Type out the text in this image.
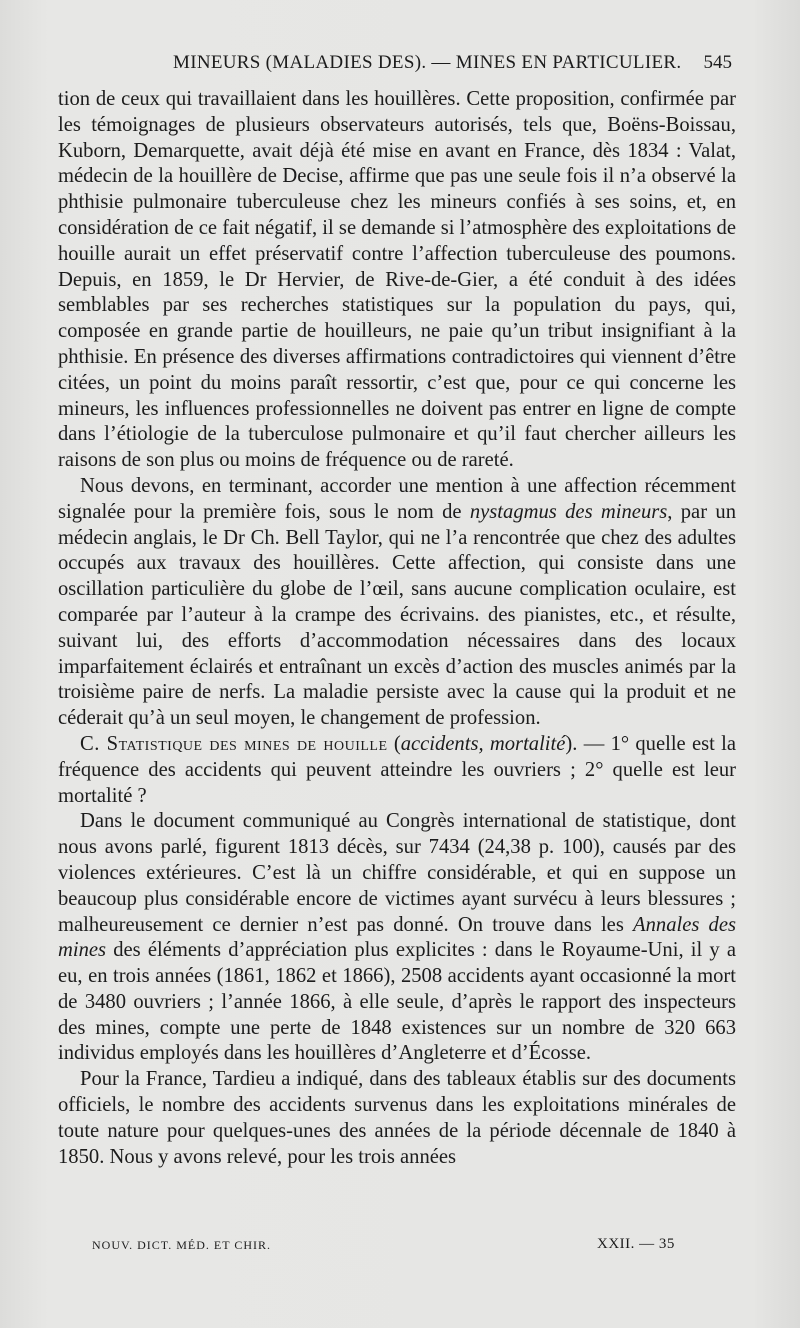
MINEURS (MALADIES DES). — MINES EN PARTICULIER. 545

tion de ceux qui travaillaient dans les houillères. Cette proposition, confirmée par les témoignages de plusieurs observateurs autorisés, tels que, Boëns-Boissau, Kuborn, Demarquette, avait déjà été mise en avant en France, dès 1834 : Valat, médecin de la houillère de Decise, affirme que pas une seule fois il n’a observé la phthisie pulmonaire tuberculeuse chez les mineurs confiés à ses soins, et, en considération de ce fait négatif, il se demande si l’atmosphère des exploitations de houille aurait un effet préservatif contre l’affection tuberculeuse des poumons. Depuis, en 1859, le Dr Hervier, de Rive-de-Gier, a été conduit à des idées semblables par ses recherches statistiques sur la population du pays, qui, composée en grande partie de houilleurs, ne paie qu’un tribut insignifiant à la phthisie. En présence des diverses affirmations contradictoires qui viennent d’être citées, un point du moins paraît ressortir, c’est que, pour ce qui concerne les mineurs, les influences professionnelles ne doivent pas entrer en ligne de compte dans l’étiologie de la tuberculose pulmonaire et qu’il faut chercher ailleurs les raisons de son plus ou moins de fréquence ou de rareté.

Nous devons, en terminant, accorder une mention à une affection récemment signalée pour la première fois, sous le nom de nystagmus des mineurs, par un médecin anglais, le Dr Ch. Bell Taylor, qui ne l’a rencontrée que chez des adultes occupés aux travaux des houillères. Cette affection, qui consiste dans une oscillation particulière du globe de l’œil, sans aucune complication oculaire, est comparée par l’auteur à la crampe des écrivains. des pianistes, etc., et résulte, suivant lui, des efforts d’accommodation nécessaires dans des locaux imparfaitement éclairés et entraînant un excès d’action des muscles animés par la troisième paire de nerfs. La maladie persiste avec la cause qui la produit et ne céderait qu’à un seul moyen, le changement de profession.

C. Statistique des mines de houille (accidents, mortalité). — 1° quelle est la fréquence des accidents qui peuvent atteindre les ouvriers ; 2° quelle est leur mortalité ?

Dans le document communiqué au Congrès international de statistique, dont nous avons parlé, figurent 1813 décès, sur 7434 (24,38 p. 100), causés par des violences extérieures. C’est là un chiffre considérable, et qui en suppose un beaucoup plus considérable encore de victimes ayant survécu à leurs blessures ; malheureusement ce dernier n’est pas donné. On trouve dans les Annales des mines des éléments d’appréciation plus explicites : dans le Royaume-Uni, il y a eu, en trois années (1861, 1862 et 1866), 2508 accidents ayant occasionné la mort de 3480 ouvriers ; l’année 1866, à elle seule, d’après le rapport des inspecteurs des mines, compte une perte de 1848 existences sur un nombre de 320 663 individus employés dans les houillères d’Angleterre et d’Écosse.

Pour la France, Tardieu a indiqué, dans des tableaux établis sur des documents officiels, le nombre des accidents survenus dans les exploitations minérales de toute nature pour quelques-unes des années de la période décennale de 1840 à 1850. Nous y avons relevé, pour les trois années

NOUV. DICT. MÉD. ET CHIR.	XXII. — 35
